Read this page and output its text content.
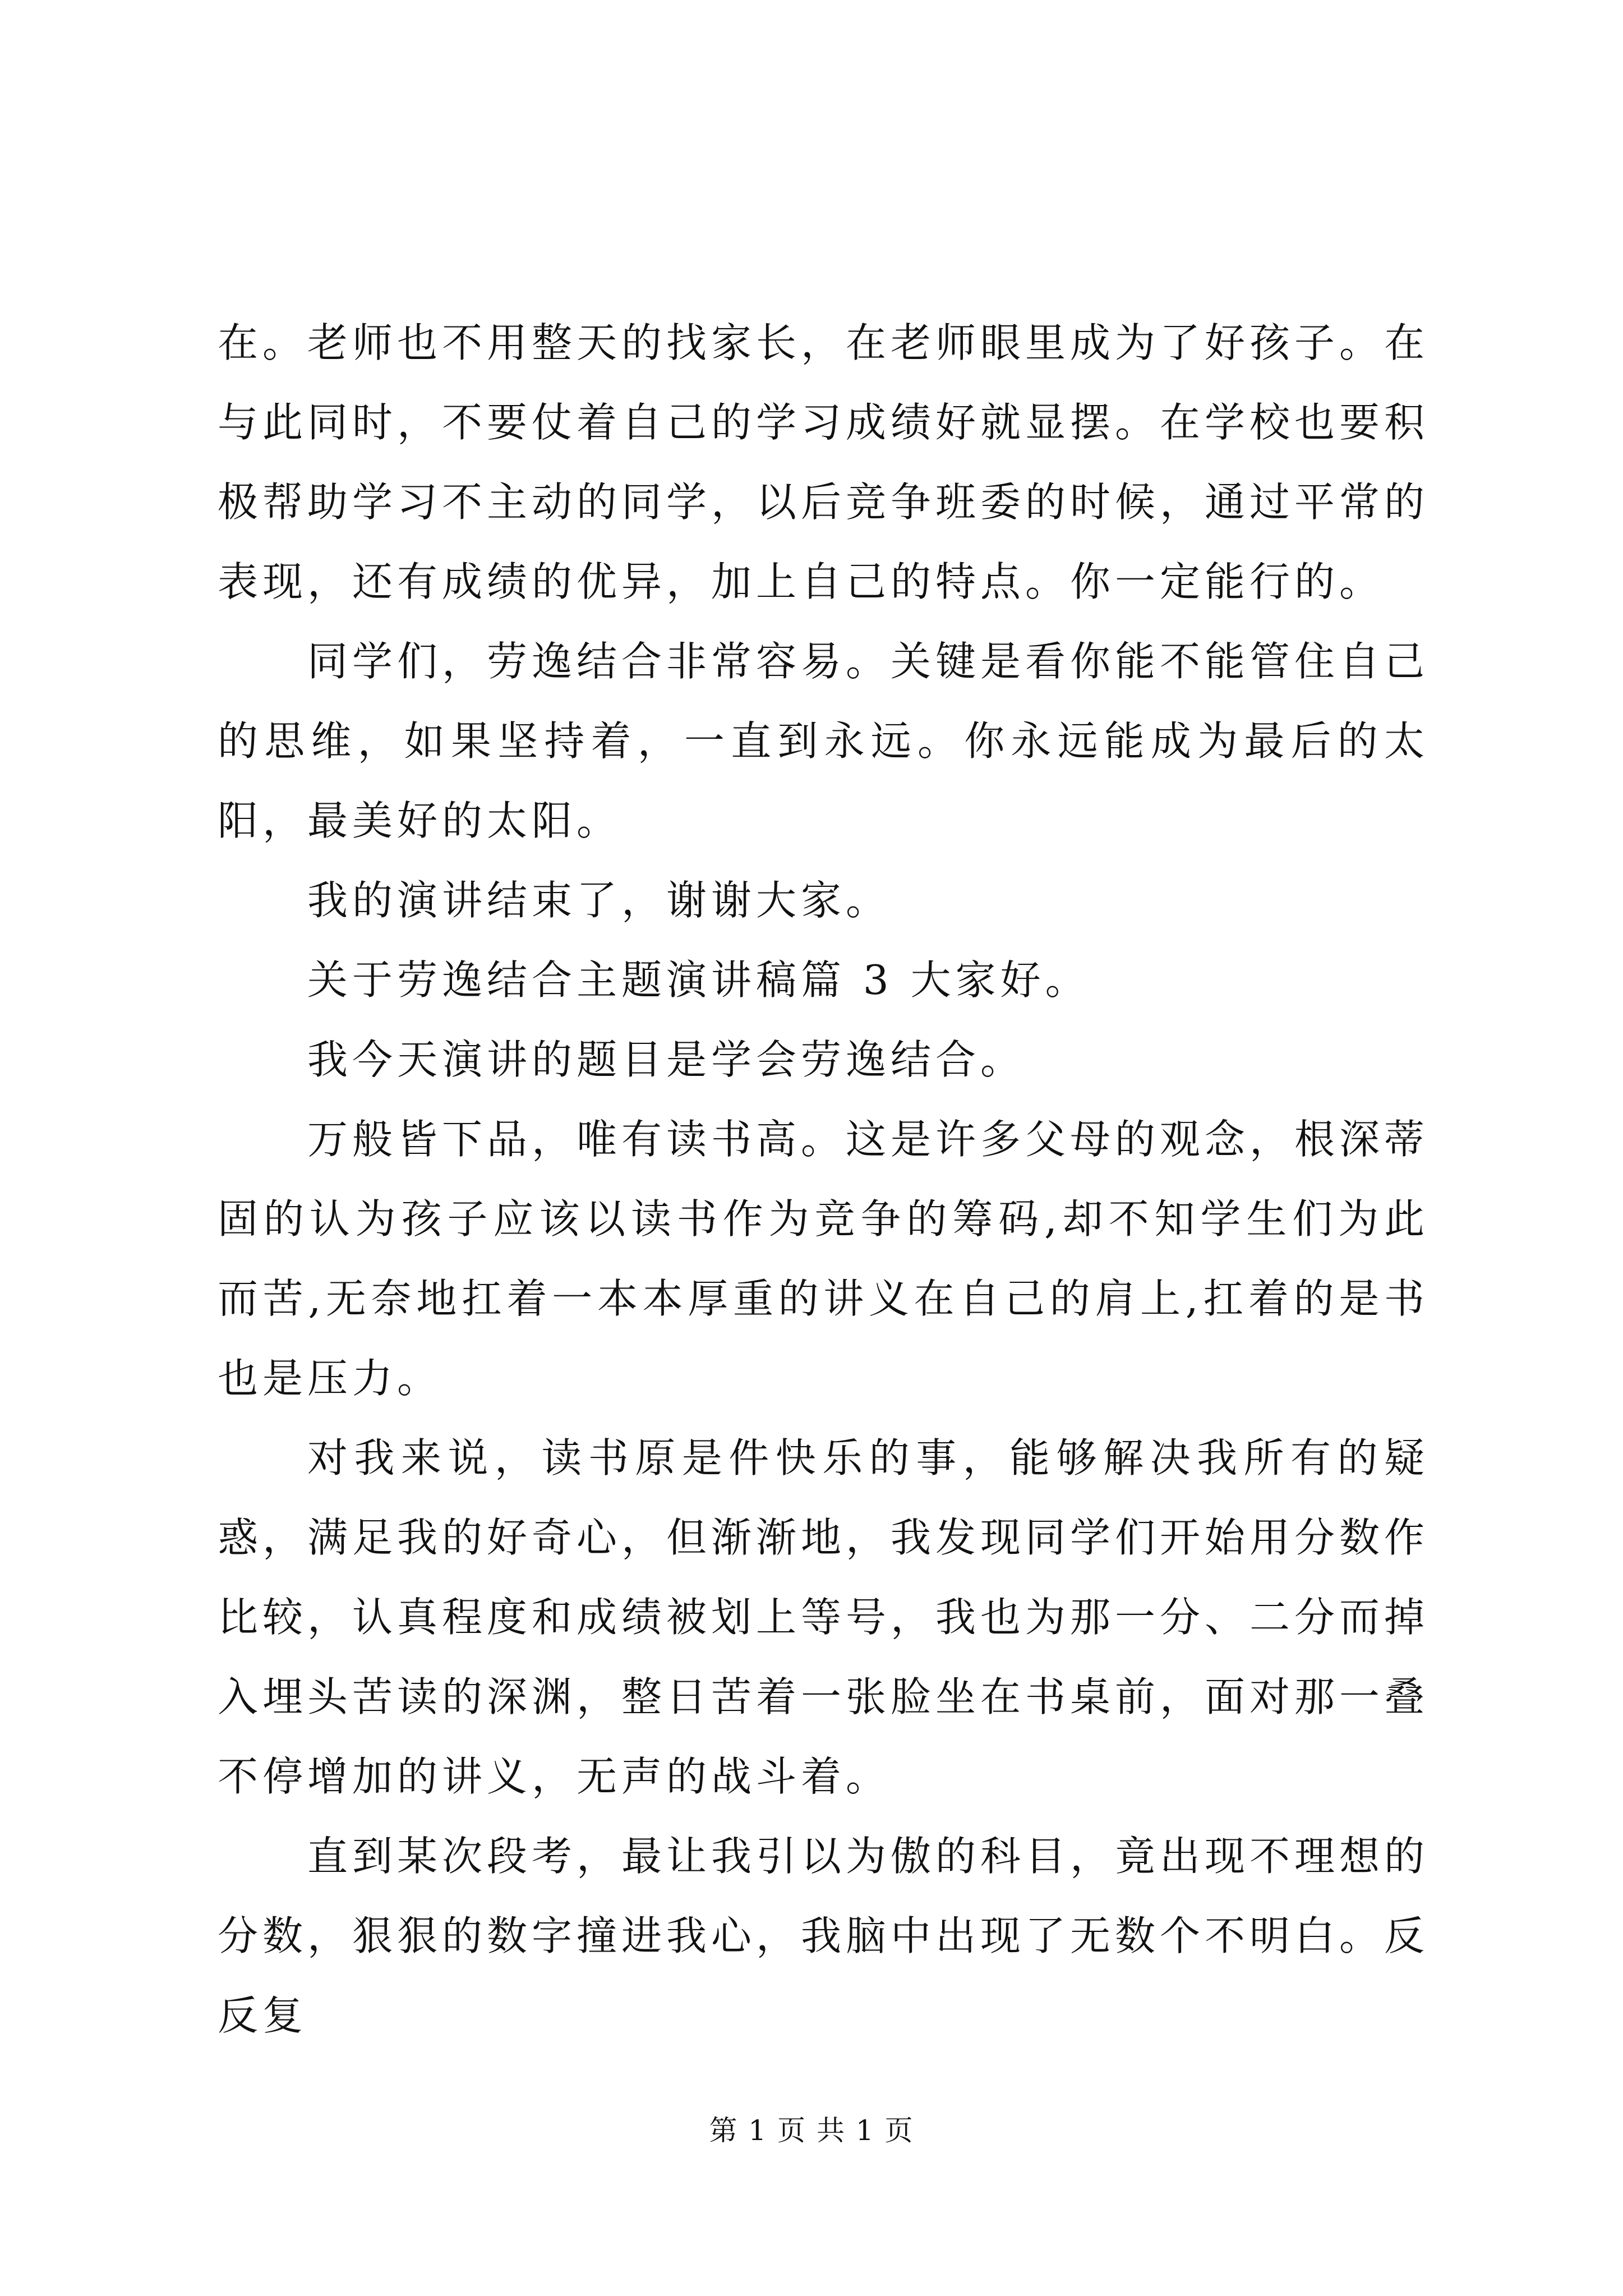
在。老师也不用整天的找家长，在老师眼里成为了好孩子。在与此同时，不要仗着自己的学习成绩好就显摆。在学校也要积极帮助学习不主动的同学，以后竞争班委的时候，通过平常的表现，还有成绩的优异，加上自己的特点。你一定能行的。

同学们，劳逸结合非常容易。关键是看你能不能管住自己的思维，如果坚持着，一直到永远。你永远能成为最后的太阳，最美好的太阳。

我的演讲结束了，谢谢大家。

关于劳逸结合主题演讲稿篇 3 大家好。

我今天演讲的题目是学会劳逸结合。

万般皆下品，唯有读书高。这是许多父母的观念，根深蒂固的认为孩子应该以读书作为竞争的筹码,却不知学生们为此而苦,无奈地扛着一本本厚重的讲义在自己的肩上,扛着的是书也是压力。

对我来说，读书原是件快乐的事，能够解决我所有的疑惑，满足我的好奇心，但渐渐地，我发现同学们开始用分数作比较，认真程度和成绩被划上等号，我也为那一分、二分而掉入埋头苦读的深渊，整日苦着一张脸坐在书桌前，面对那一叠不停增加的讲义，无声的战斗着。

直到某次段考，最让我引以为傲的科目，竟出现不理想的分数，狠狠的数字撞进我心，我脑中出现了无数个不明白。反反复

第 1 页 共 1 页
